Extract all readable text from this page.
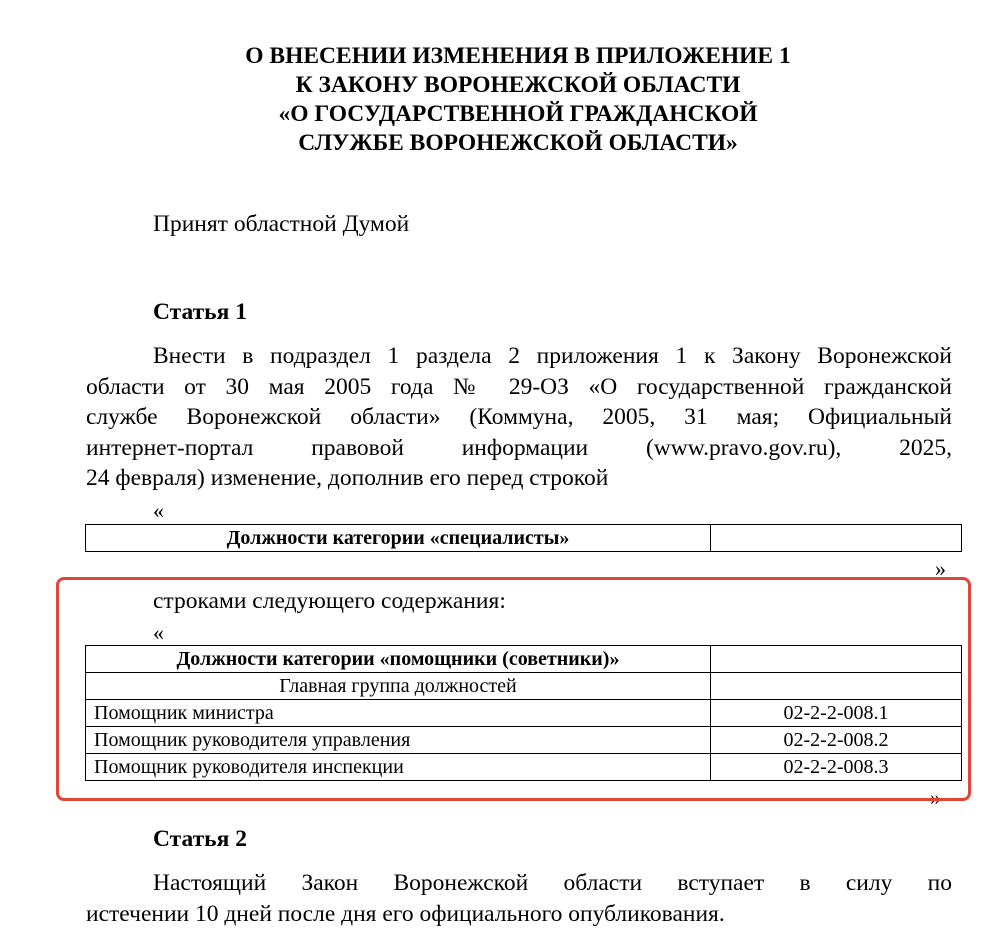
О ВНЕСЕНИИ ИЗМЕНЕНИЯ В ПРИЛОЖЕНИЕ 1
К ЗАКОНУ ВОРОНЕЖСКОЙ ОБЛАСТИ
«О ГОСУДАРСТВЕННОЙ ГРАЖДАНСКОЙ
СЛУЖБЕ ВОРОНЕЖСКОЙ ОБЛАСТИ»
Принят областной Думой
Статья 1
Внести в подраздел 1 раздела 2 приложения 1 к Закону Воронежской
области от 30 мая 2005 года № 29-ОЗ «О государственной гражданской
службе Воронежской области» (Коммуна, 2005, 31 мая; Официальный
интернет-портал правовой информации (www.pravo.gov.ru), 2025,
24 февраля) изменение, дополнив его перед строкой
«
Должности категории «специалисты»	
»
строками следующего содержания:
«
Должности категории «помощники (советники)»	
Главная группа должностей	
Помощник министра	02-2-2-008.1
Помощник руководителя управления	02-2-2-008.2
Помощник руководителя инспекции	02-2-2-008.3
»
Статья 2
Настоящий Закон Воронежской области вступает в силу по
истечении 10 дней после дня его официального опубликования.
